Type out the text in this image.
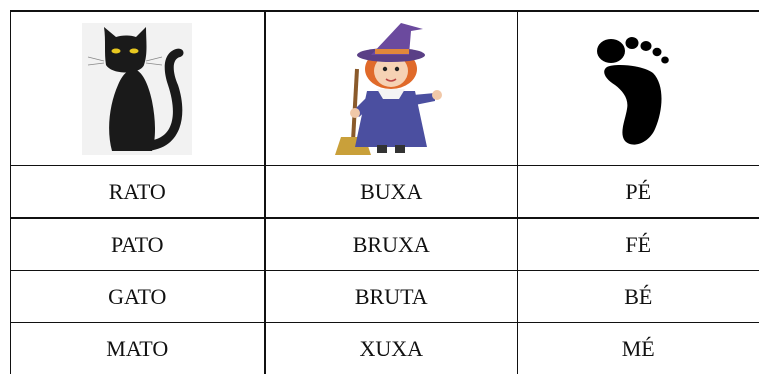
RATO	BUXA	PÉ
PATO	BRUXA	FÉ
GATO	BRUTA	BÉ
MATO	XUXA	MÉ
